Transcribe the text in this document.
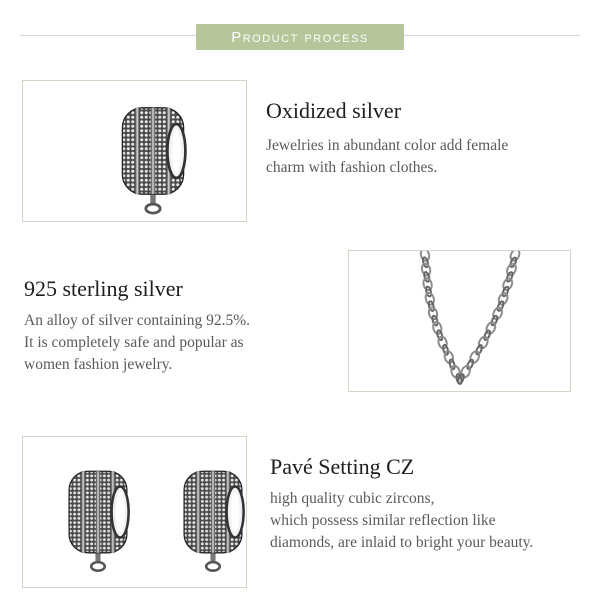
Product process
Oxidized silver
Jewelries in abundant color add female
charm with fashion clothes.
925 sterling silver
An alloy of silver containing 92.5%.
It is completely safe and popular as
women fashion jewelry.
Pavé Setting CZ
high quality cubic zircons,
which possess similar reflection like
diamonds, are inlaid to bright your beauty.
